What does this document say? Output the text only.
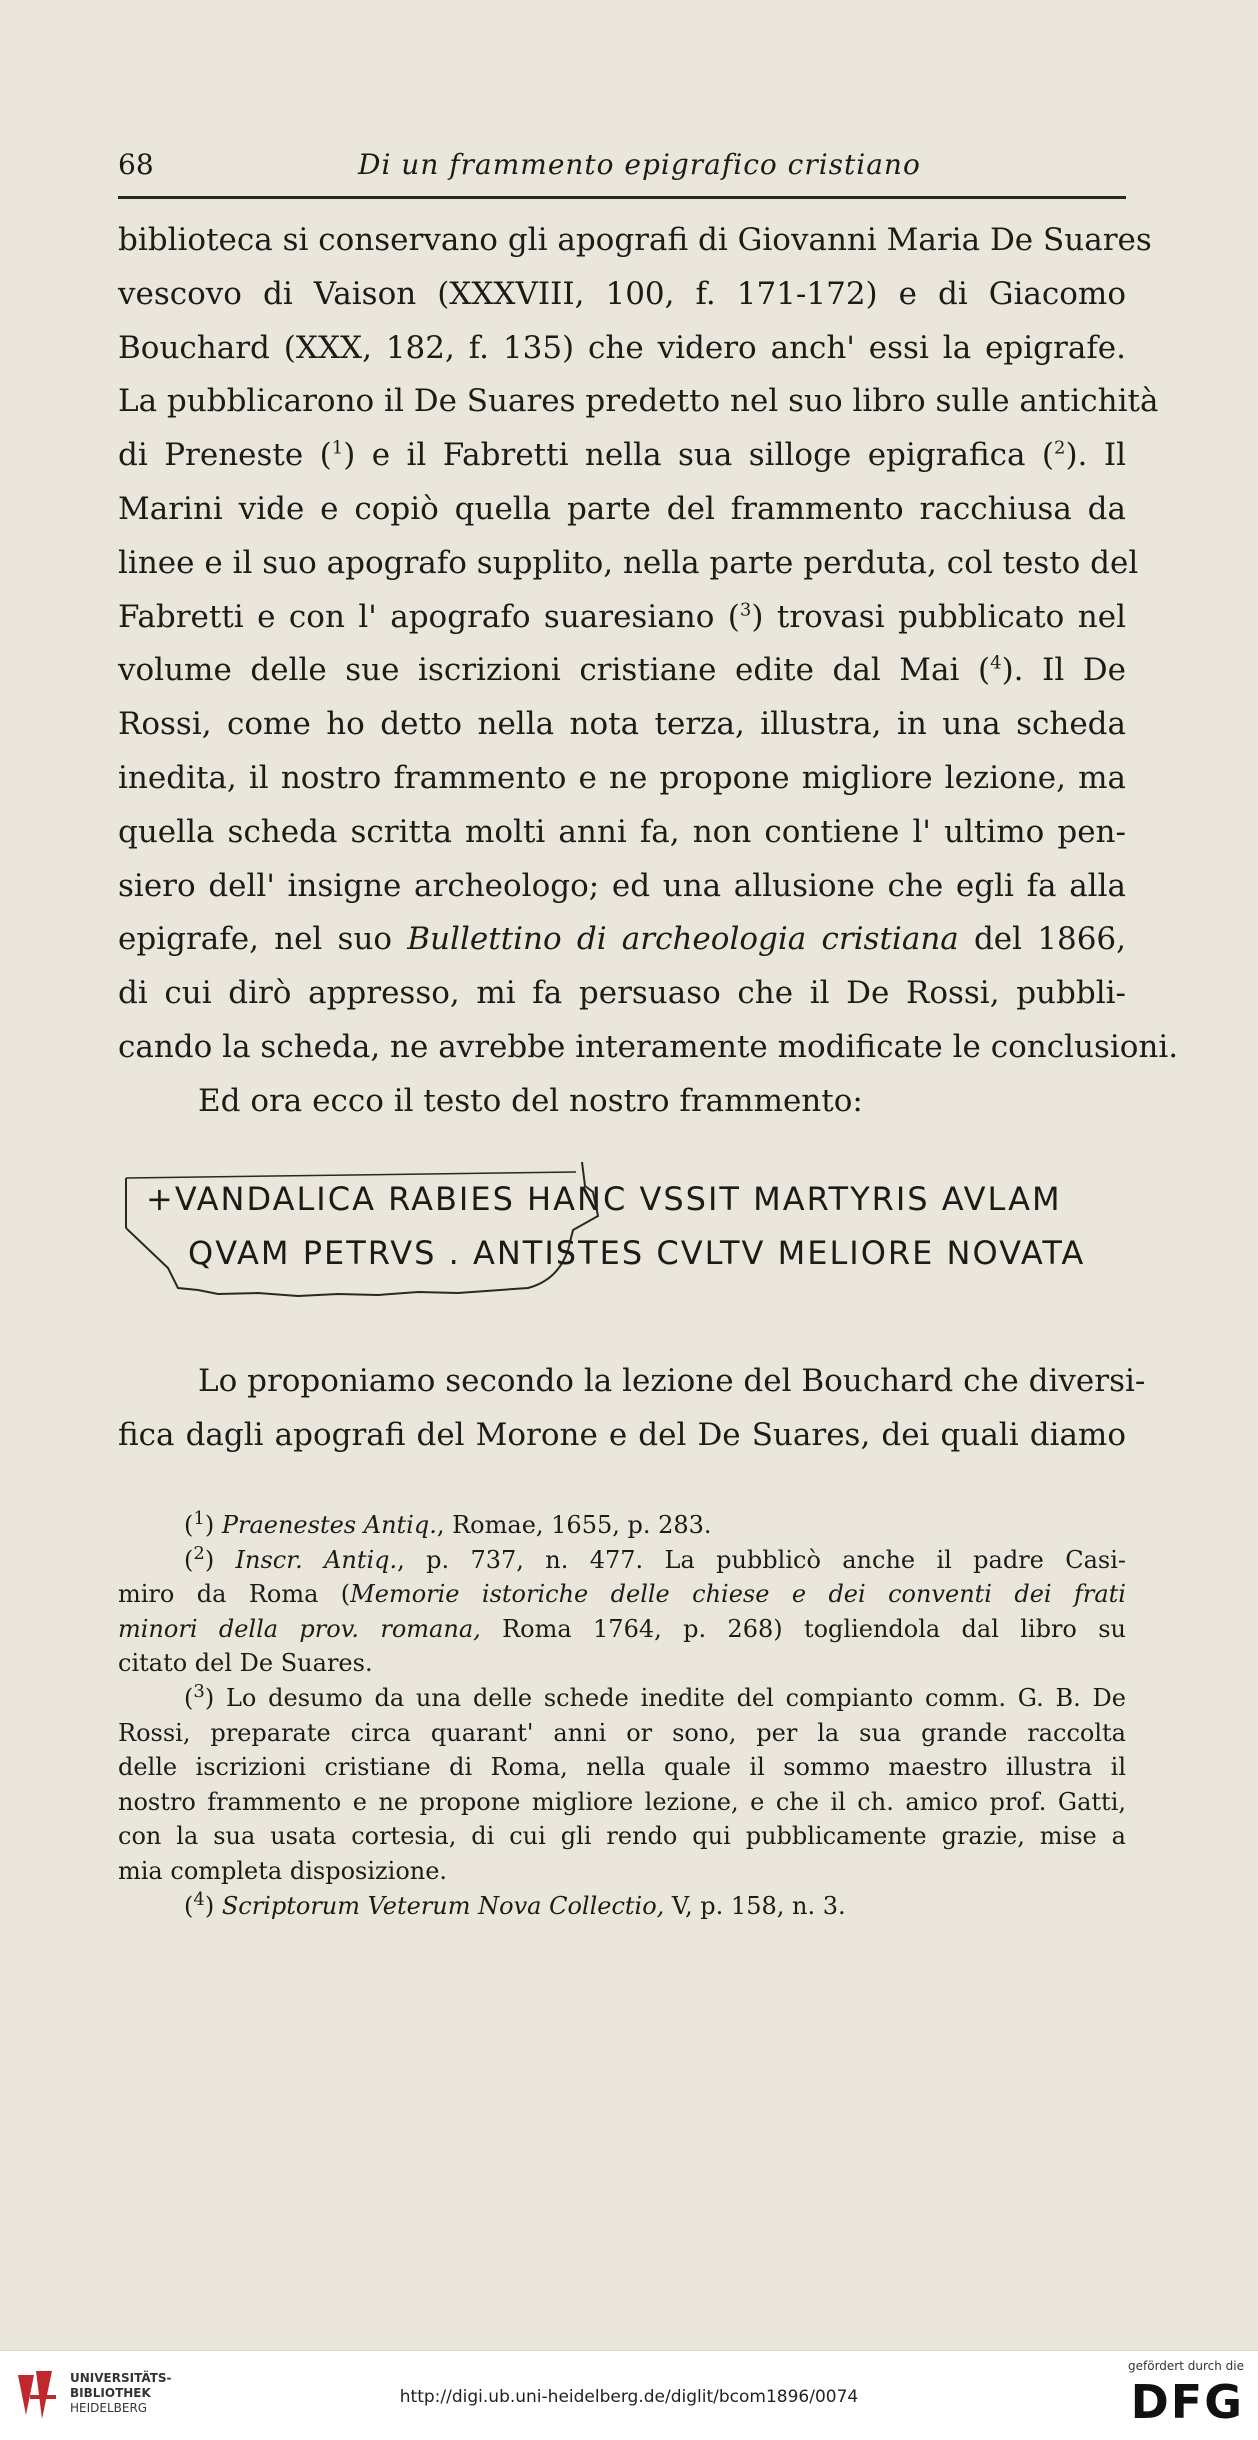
68	Di un frammento epigrafico cristiano
biblioteca si conservano gli apografi di Giovanni Maria De Suares
vescovo di Vaison (XXXVIII, 100, f. 171-172) e di Giacomo
Bouchard (XXX, 182, f. 135) che videro anch' essi la epigrafe.
La pubblicarono il De Suares predetto nel suo libro sulle antichità
di Preneste ($^1$) e il Fabretti nella sua silloge epigrafica ($^2$). Il
Marini vide e copiò quella parte del frammento racchiusa da
linee e il suo apografo supplito, nella parte perduta, col testo del
Fabretti e con l' apografo suaresiano ($^3$) trovasi pubblicato nel
volume delle sue iscrizioni cristiane edite dal Mai ($^4$). Il De
Rossi, come ho detto nella nota terza, illustra, in una scheda
inedita, il nostro frammento e ne propone migliore lezione, ma
quella scheda scritta molti anni fa, non contiene l' ultimo pen-
siero dell' insigne archeologo; ed una allusione che egli fa alla
epigrafe, nel suo Bullettino di archeologia cristiana del 1866,
di cui dirò appresso, mi fa persuaso che il De Rossi, pubbli-
cando la scheda, ne avrebbe interamente modificate le conclusioni.
Ed ora ecco il testo del nostro frammento:
+VANDALICA RABIES HANC VSSIT MARTYRIS AVLAM
QVAM PETRVS . ANTISTES CVLTV MELIORE NOVATA
Lo proponiamo secondo la lezione del Bouchard che diversi-
fica dagli apografi del Morone e del De Suares, dei quali diamo
($^1$) Praenestes Antiq., Romae, 1655, p. 283.
($^2$) Inscr. Antiq., p. 737, n. 477. La pubblicò anche il padre Casi-
miro da Roma (Memorie istoriche delle chiese e dei conventi dei frati
minori della prov. romana, Roma 1764, p. 268) togliendola dal libro su
citato del De Suares.
($^3$) Lo desumo da una delle schede inedite del compianto comm. G. B. De
Rossi, preparate circa quarant' anni or sono, per la sua grande raccolta
delle iscrizioni cristiane di Roma, nella quale il sommo maestro illustra il
nostro frammento e ne propone migliore lezione, e che il ch. amico prof. Gatti,
con la sua usata cortesia, di cui gli rendo qui pubblicamente grazie, mise a
mia completa disposizione.
($^4$) Scriptorum Veterum Nova Collectio, V, p. 158, n. 3.
UNIVERSITÄTS-
BIBLIOTHEK
HEIDELBERG
http://digi.ub.uni-heidelberg.de/diglit/bcom1896/0074
gefördert durch die
DFG
